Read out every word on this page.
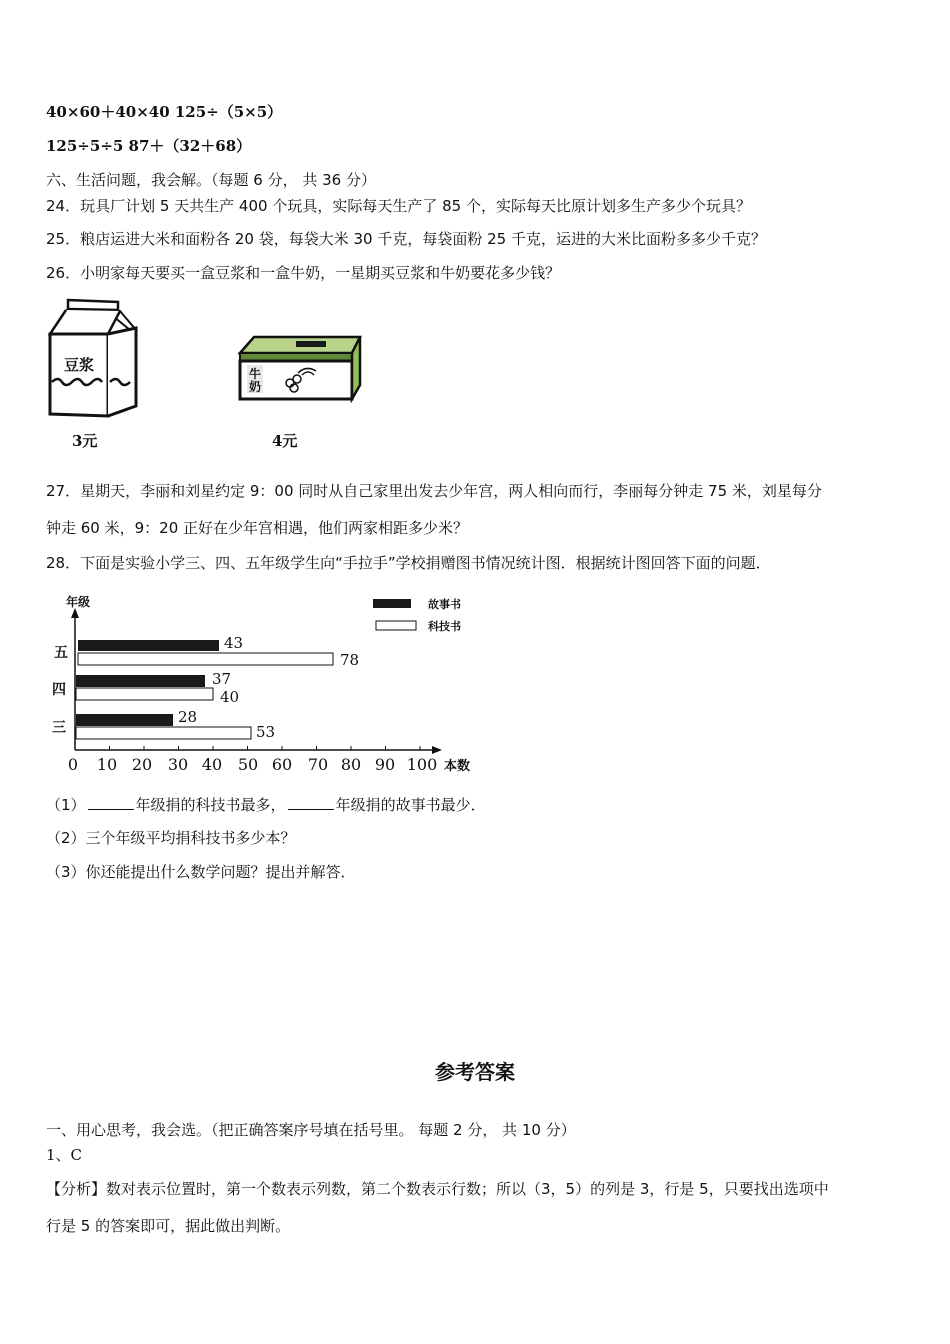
40×60＋40×40 125÷（5×5）
125÷5÷5 87＋（32＋68）
六、生活问题，我会解。（每题 6 分， 共 36 分）
24．玩具厂计划 5 天共生产 400 个玩具，实际每天生产了 85 个，实际每天比原计划多生产多少个玩具？
25．粮店运进大米和面粉各 20 袋，每袋大米 30 千克，每袋面粉 25 千克，运进的大米比面粉多多少千克？
26．小明家每天要买一盒豆浆和一盒牛奶，一星期买豆浆和牛奶要花多少钱？
豆浆
3元
牛
奶
4元
27．星期天，李丽和刘星约定 9：00 同时从自己家里出发去少年宫，两人相向而行，李丽每分钟走 75 米，刘星每分
钟走 60 米，9：20 正好在少年宫相遇，他们两家相距多少米？
28．下面是实验小学三、四、五年级学生向“手拉手”学校捐赠图书情况统计图．根据统计图回答下面的问题．
年级
0 10 20 30 40 50 60 70 80 90 100 本数
五
四
三
43
78
37
40
28
53
故事书
科技书
（1）	年级捐的科技书最多，	年级捐的故事书最少．
（2）三个年级平均捐科技书多少本？
（3）你还能提出什么数学问题？提出并解答．
参考答案
一、用心思考，我会选。（把正确答案序号填在括号里。 每题 2 分， 共 10 分）
1、C
【分析】数对表示位置时，第一个数表示列数，第二个数表示行数；所以（3，5）的列是 3，行是 5，只要找出选项中
行是 5 的答案即可，据此做出判断。
